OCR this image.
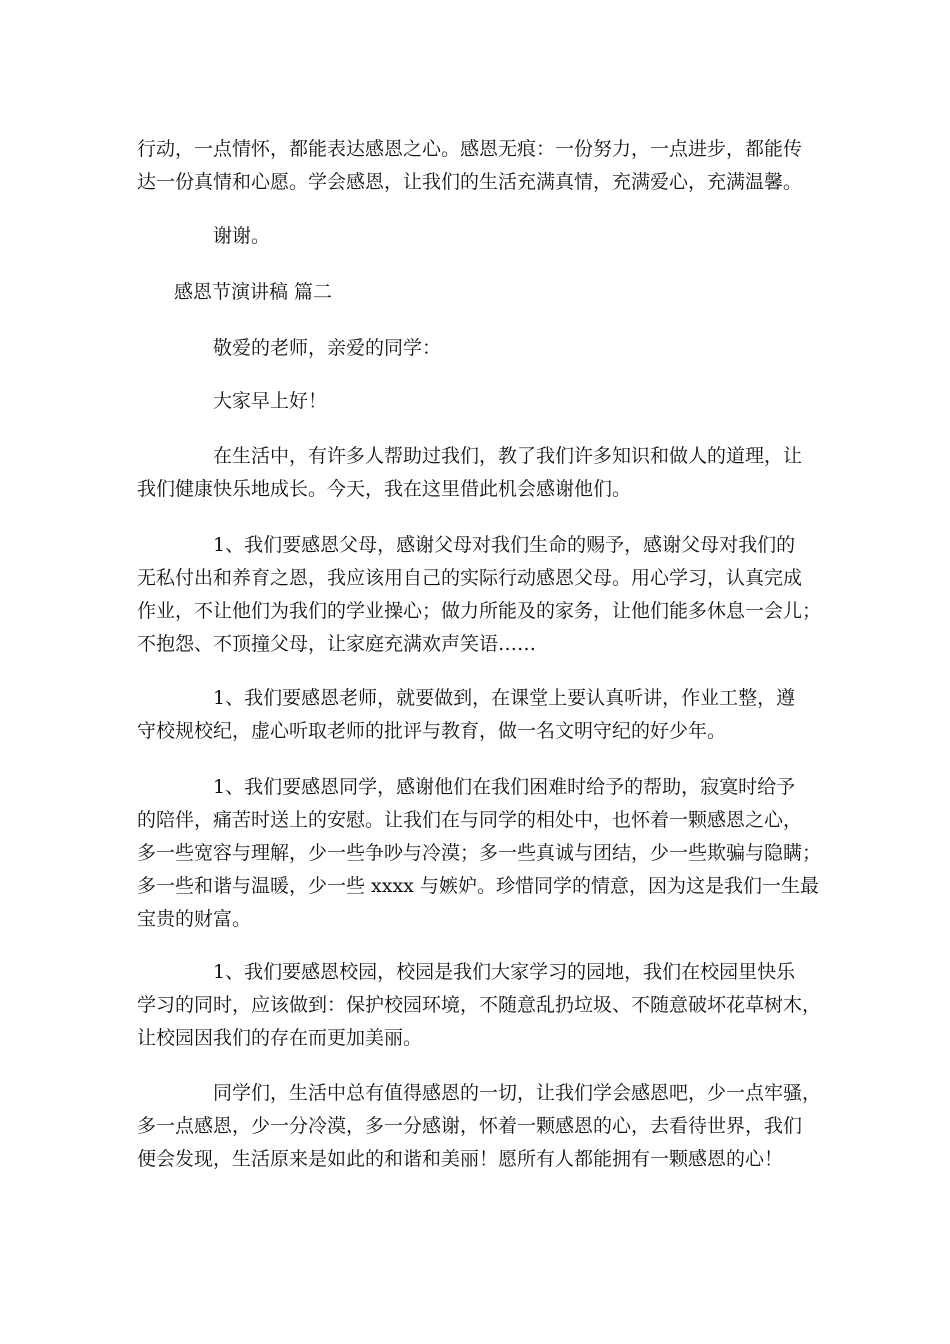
行动，一点情怀，都能表达感恩之心。感恩无痕：一份努力，一点进步，都能传
达一份真情和心愿。学会感恩，让我们的生活充满真情，充满爱心，充满温馨。

谢谢。

感恩节演讲稿 篇二

敬爱的老师，亲爱的同学：

大家早上好！

在生活中，有许多人帮助过我们，教了我们许多知识和做人的道理，让
我们健康快乐地成长。今天，我在这里借此机会感谢他们。

1、我们要感恩父母，感谢父母对我们生命的赐予，感谢父母对我们的
无私付出和养育之恩，我应该用自己的实际行动感恩父母。用心学习，认真完成
作业，不让他们为我们的学业操心；做力所能及的家务，让他们能多休息一会儿；
不抱怨、不顶撞父母，让家庭充满欢声笑语……

1、我们要感恩老师，就要做到，在课堂上要认真听讲，作业工整，遵
守校规校纪，虚心听取老师的批评与教育，做一名文明守纪的好少年。

1、我们要感恩同学，感谢他们在我们困难时给予的帮助，寂寞时给予
的陪伴，痛苦时送上的安慰。让我们在与同学的相处中，也怀着一颗感恩之心，
多一些宽容与理解，少一些争吵与冷漠；多一些真诚与团结，少一些欺骗与隐瞒；
多一些和谐与温暖，少一些 xxxx 与嫉妒。珍惜同学的情意，因为这是我们一生最
宝贵的财富。

1、我们要感恩校园，校园是我们大家学习的园地，我们在校园里快乐
学习的同时，应该做到：保护校园环境，不随意乱扔垃圾、不随意破坏花草树木，
让校园因我们的存在而更加美丽。

同学们，生活中总有值得感恩的一切，让我们学会感恩吧，少一点牢骚，
多一点感恩，少一分冷漠，多一分感谢，怀着一颗感恩的心，去看待世界，我们
便会发现，生活原来是如此的和谐和美丽！愿所有人都能拥有一颗感恩的心！
